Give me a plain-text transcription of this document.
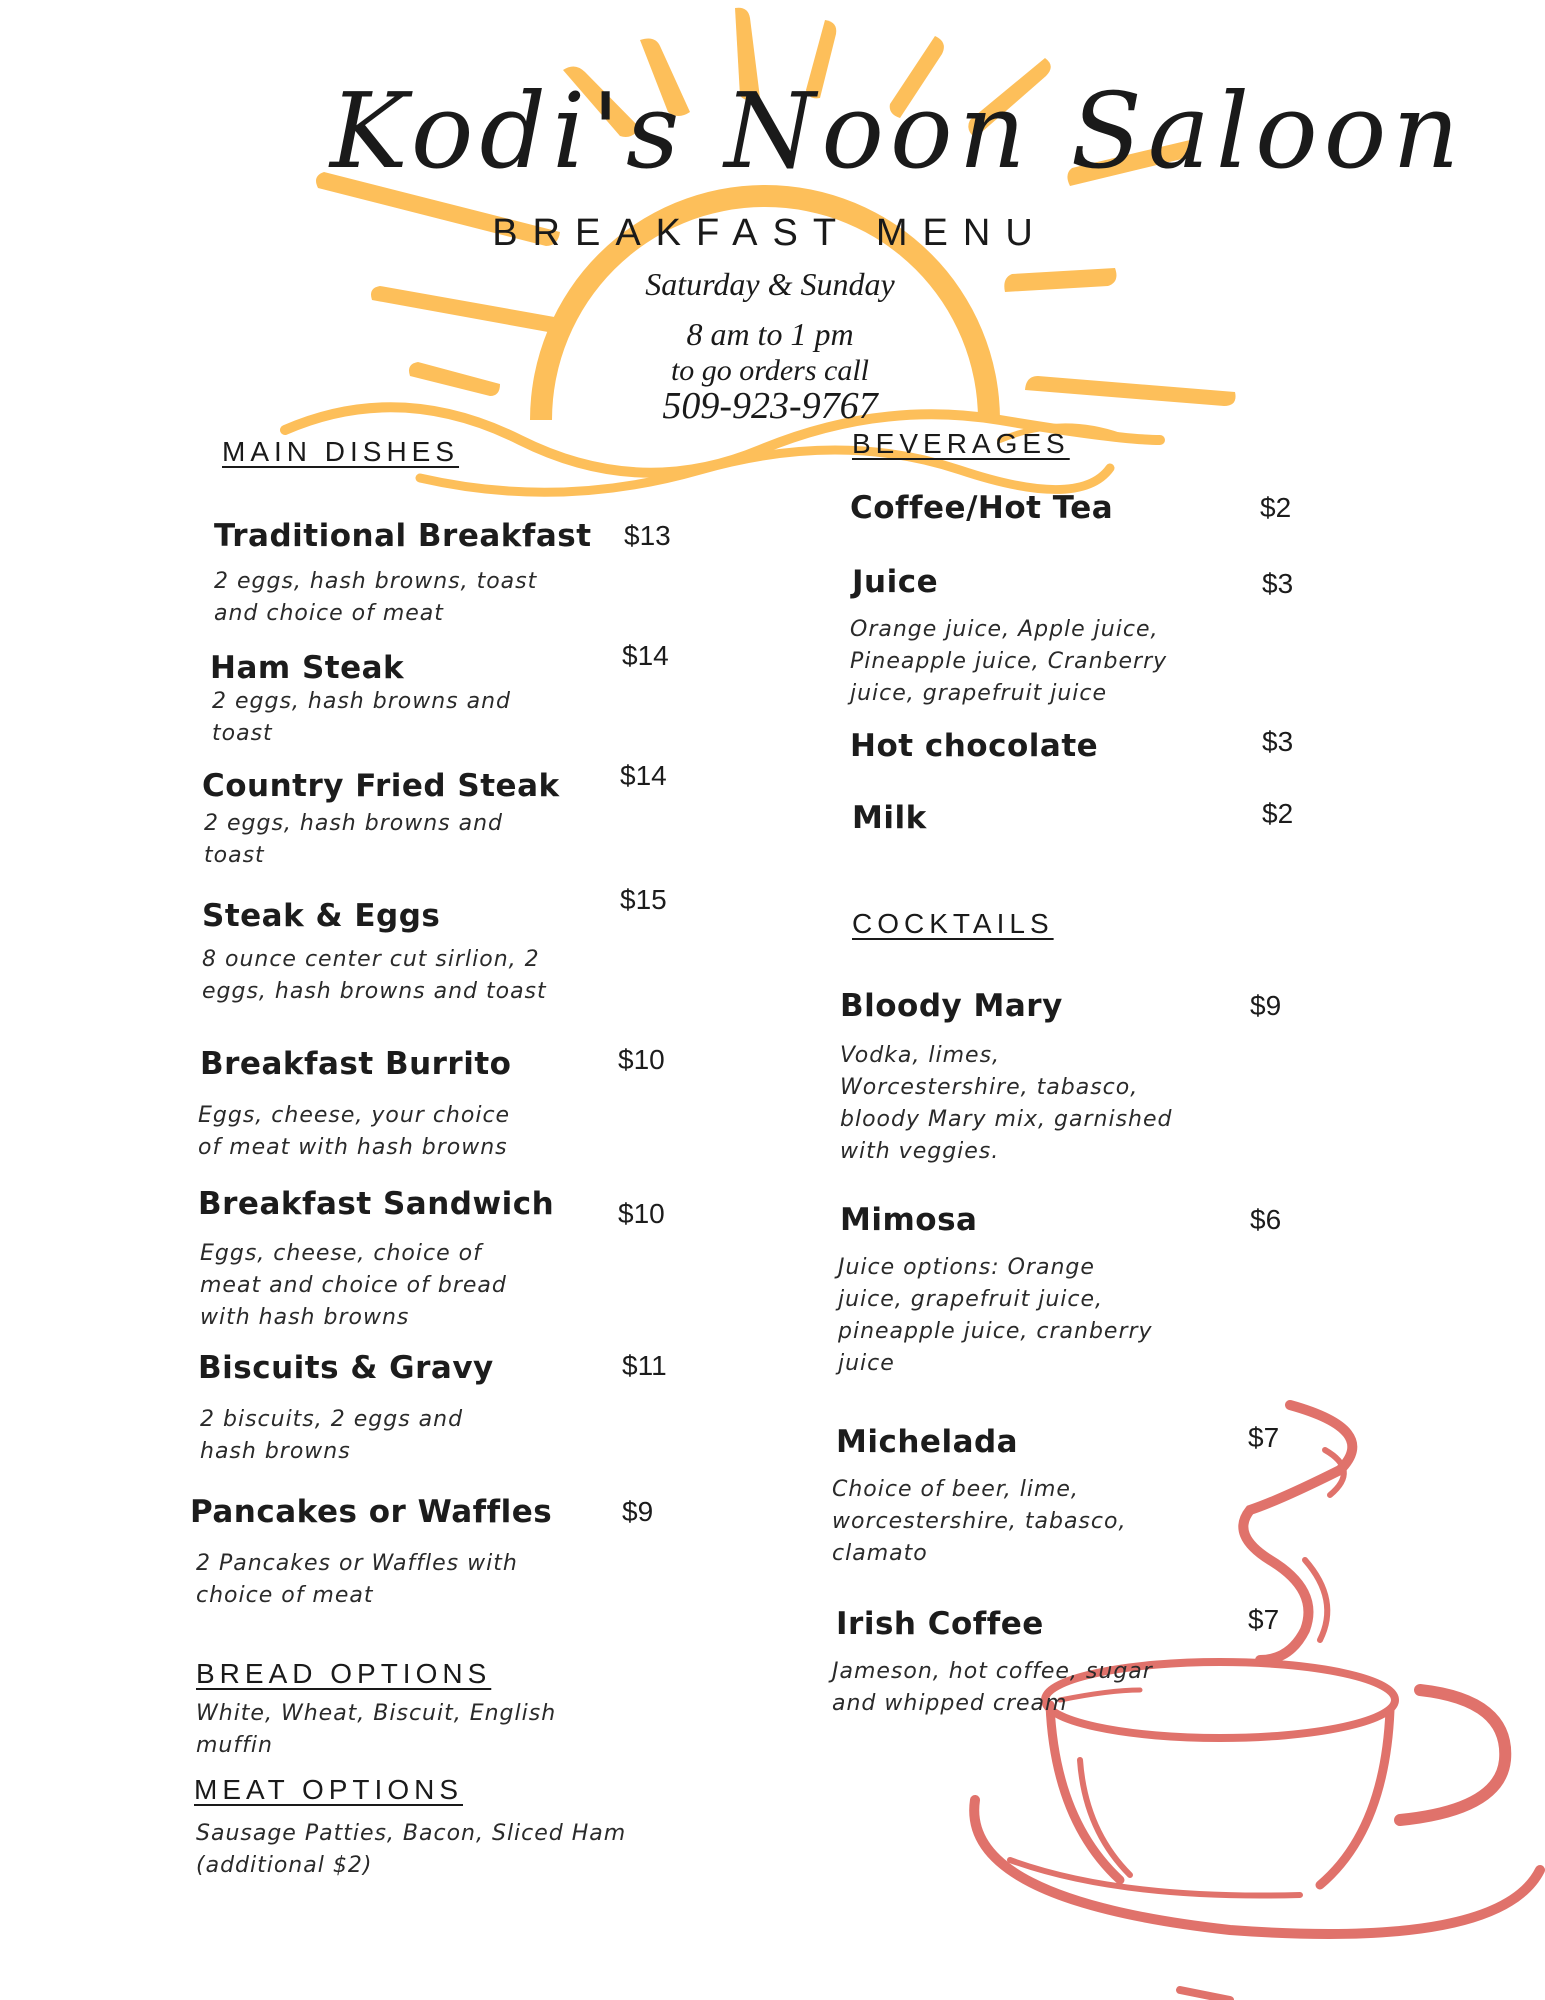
Kodi's Noon Saloon
BREAKFAST MENU
Saturday & Sunday
8 am to 1 pm
to go orders call
509-923-9767
MAIN DISHES	BEVERAGES
COCKTAILS
BREAD OPTIONS
MEAT OPTIONS
Traditional Breakfast $13
2 eggs, hash browns, toast
and choice of meat
Ham Steak	$14
2 eggs, hash browns and
toast
Country Fried Steak $14
2 eggs, hash browns and
toast
Steak & Eggs	$15
8 ounce center cut sirlion, 2
eggs, hash browns and toast
Breakfast Burrito	$10
Eggs, cheese, your choice
of meat with hash browns
Breakfast Sandwich $10
Eggs, cheese, choice of
meat and choice of bread
with hash browns
Biscuits & Gravy	$11
2 biscuits, 2 eggs and
hash browns
Pancakes or Waffles $9
2 Pancakes or Waffles with
choice of meat
White, Wheat, Biscuit, English
muffin
Sausage Patties, Bacon, Sliced Ham
(additional $2)
Coffee/Hot Tea	$2
Juice	$3
Orange juice, Apple juice,
Pineapple juice, Cranberry
juice, grapefruit juice
Hot chocolate	$3
Milk	$2
Bloody Mary	$9
Vodka, limes,
Worcestershire, tabasco,
bloody Mary mix, garnished
with veggies.
Mimosa	$6
Juice options: Orange
juice, grapefruit juice,
pineapple juice, cranberry
juice
Michelada	$7
Choice of beer, lime,
worcestershire, tabasco,
clamato
Irish Coffee	$7
Jameson, hot coffee, sugar
and whipped cream
